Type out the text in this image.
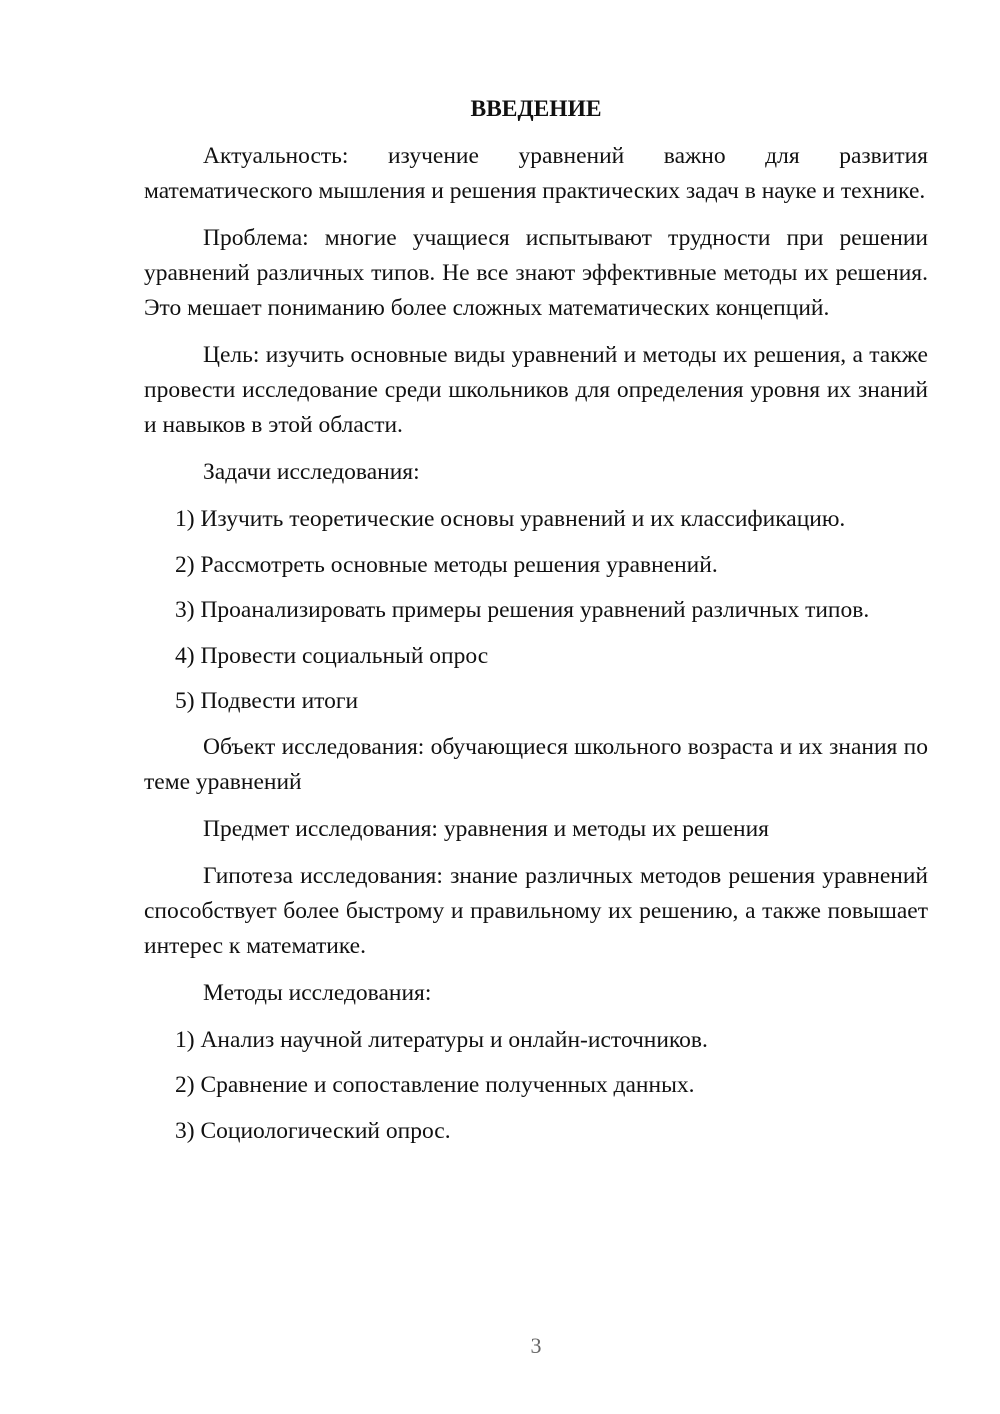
ВВЕДЕНИЕ

Актуальность: изучение уравнений важно для развития математического мышления и решения практических задач в науке и технике.

Проблема: многие учащиеся испытывают трудности при решении уравнений различных типов. Не все знают эффективные методы их решения. Это мешает пониманию более сложных математических концепций.

Цель: изучить основные виды уравнений и методы их решения, а также провести исследование среди школьников для определения уровня их знаний и навыков в этой области.

Задачи исследования:

1) Изучить теоретические основы уравнений и их классификацию.
2) Рассмотреть основные методы решения уравнений.
3) Проанализировать примеры решения уравнений различных типов.
4) Провести социальный опрос
5) Подвести итоги

Объект исследования: обучающиеся школьного возраста и их знания по теме уравнений

Предмет исследования: уравнения и методы их решения

Гипотеза исследования: знание различных методов решения уравнений способствует более быстрому и правильному их решению, а также повышает интерес к математике.

Методы исследования:

1) Анализ научной литературы и онлайн-источников.
2) Сравнение и сопоставление полученных данных.
3) Социологический опрос.
3
